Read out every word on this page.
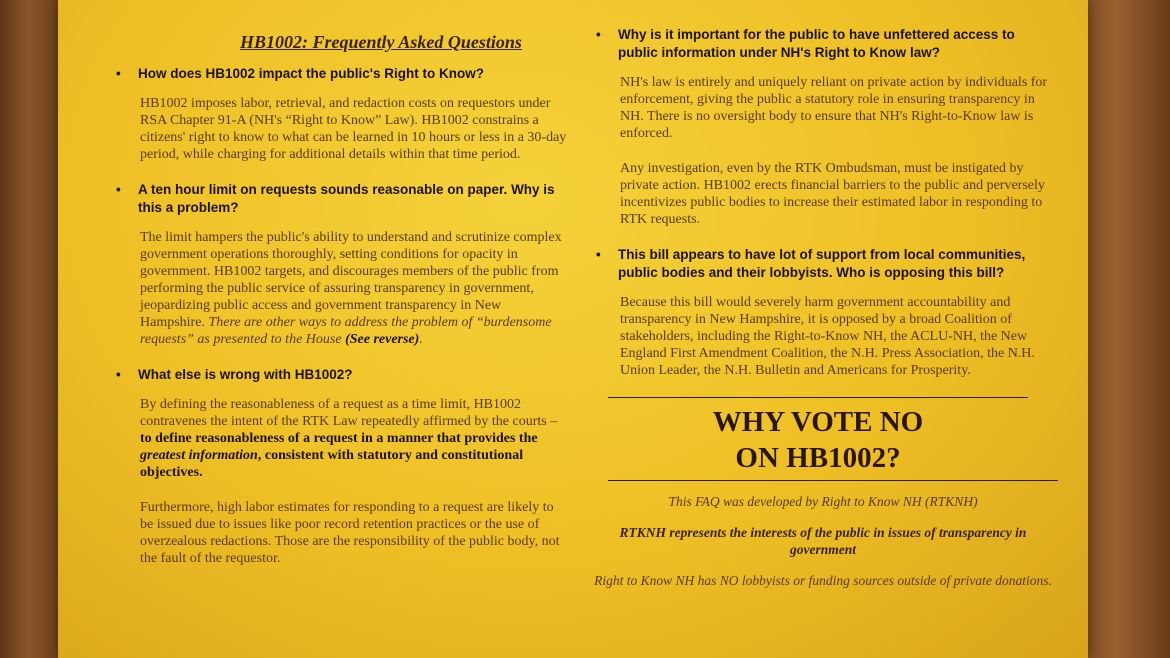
HB1002: Frequently Asked Questions
• How does HB1002 impact the public's Right to Know?
HB1002 imposes labor, retrieval, and redaction costs on requestors under RSA Chapter 91-A (NH's “Right to Know” Law). HB1002 constrains a citizens' right to know to what can be learned in 10 hours or less in a 30-day period, while charging for additional details within that time period.
• A ten hour limit on requests sounds reasonable on paper. Why is this a problem?
The limit hampers the public's ability to understand and scrutinize complex government operations thoroughly, setting conditions for opacity in government. HB1002 targets, and discourages members of the public from performing the public service of assuring transparency in government, jeopardizing public access and government transparency in New Hampshire. There are other ways to address the problem of “burdensome requests” as presented to the House (See reverse).
• What else is wrong with HB1002?
By defining the reasonableness of a request as a time limit, HB1002 contravenes the intent of the RTK Law repeatedly affirmed by the courts – to define reasonableness of a request in a manner that provides the greatest information, consistent with statutory and constitutional objectives.
Furthermore, high labor estimates for responding to a request are likely to be issued due to issues like poor record retention practices or the use of overzealous redactions. Those are the responsibility of the public body, not the fault of the requestor.
• Why is it important for the public to have unfettered access to public information under NH's Right to Know law?
NH's law is entirely and uniquely reliant on private action by individuals for enforcement, giving the public a statutory role in ensuring transparency in NH. There is no oversight body to ensure that NH's Right-to-Know law is enforced.
Any investigation, even by the RTK Ombudsman, must be instigated by private action. HB1002 erects financial barriers to the public and perversely incentivizes public bodies to increase their estimated labor in responding to RTK requests.
• This bill appears to have lot of support from local communities, public bodies and their lobbyists. Who is opposing this bill?
Because this bill would severely harm government accountability and transparency in New Hampshire, it is opposed by a broad Coalition of stakeholders, including the Right-to-Know NH, the ACLU-NH, the New England First Amendment Coalition, the N.H. Press Association, the N.H. Union Leader, the N.H. Bulletin and Americans for Prosperity.
WHY VOTE NO
ON HB1002?
This FAQ was developed by Right to Know NH (RTKNH)
RTKNH represents the interests of the public in issues of transparency in government
Right to Know NH has NO lobbyists or funding sources outside of private donations.
